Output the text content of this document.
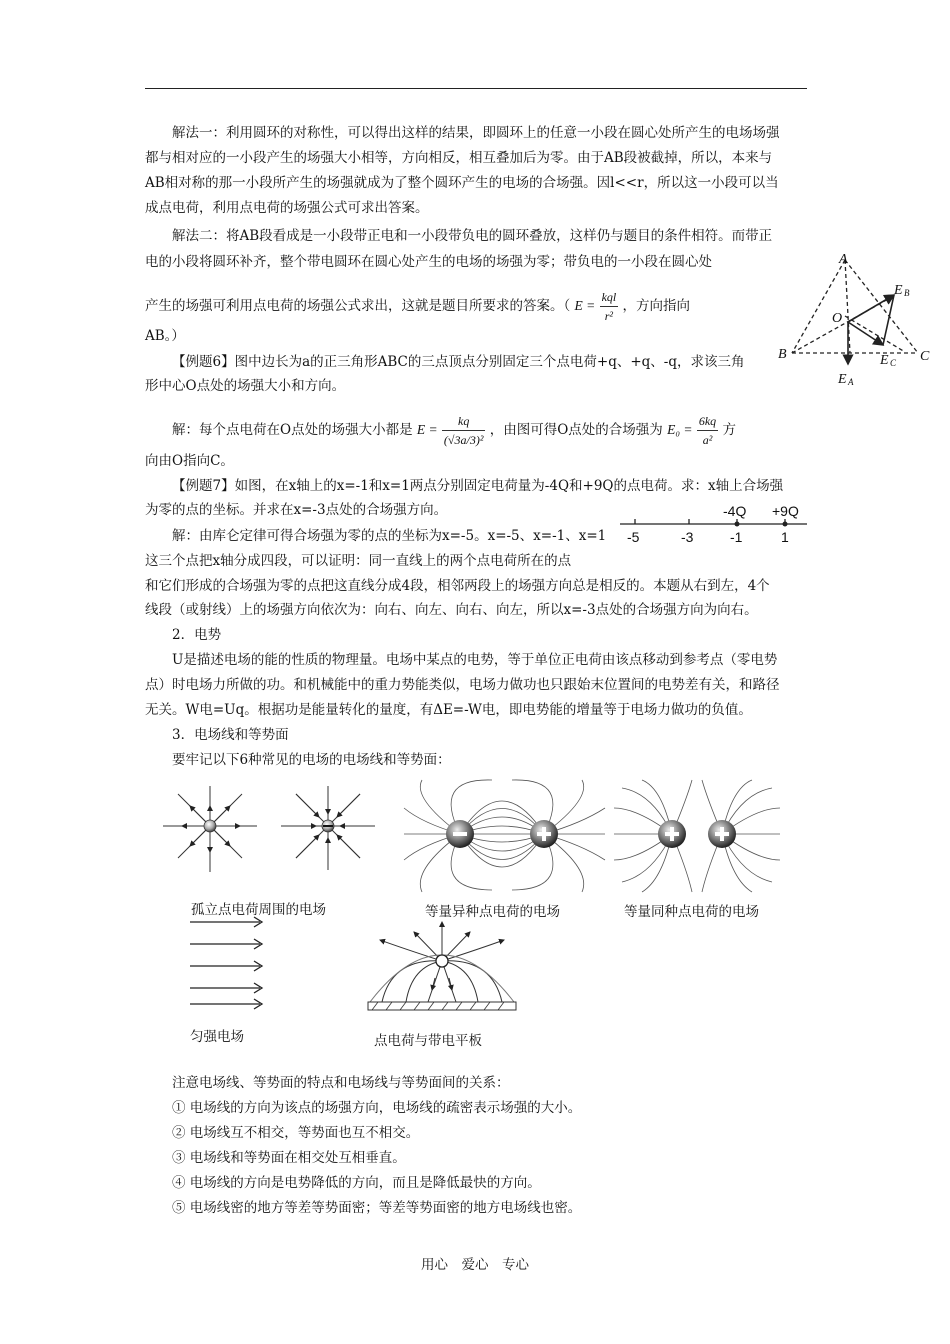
解法一：利用圆环的对称性，可以得出这样的结果，即圆环上的任意一小段在圆心处所产生的电场场强
都与相对应的一小段产生的场强大小相等，方向相反，相互叠加后为零。由于AB段被截掉，所以，本来与
AB相对称的那一小段所产生的场强就成为了整个圆环产生的电场的合场强。因l<<r，所以这一小段可以当
成点电荷，利用点电荷的场强公式可求出答案。
解法二：将AB段看成是一小段带正电和一小段带负电的圆环叠放，这样仍与题目的条件相符。而带正
电的小段将圆环补齐，整个带电圆环在圆心处产生的电场的场强为零；带负电的一小段在圆心处
产生的场强可利用点电荷的场强公式求出，这就是题目所要求的答案。（ $E = \frac{\text{kql}}{\text{r²}}$ ，方向指向
AB。）
A
B	C
O
E B
E C
E A
【例题6】图中边长为a的正三角形ABC的三点顶点分别固定三个点电荷+q、+q、-q，求该三角
形中心O点处的场强大小和方向。
解：每个点电荷在O点处的场强大小都是 $E = \frac{kq}{\text{(√3a/3)²}}$ ，由图可得O点处的合场强为 $E_0 = \frac{6kq}{\text{a²}}$ 方
向由O指向C。
【例题7】如图，在x轴上的x=-1和x=1两点分别固定电荷量为-4Q和+9Q的点电荷。求：x轴上合场强
为零的点的坐标。并求在x=-3点处的合场强方向。
解：由库仑定律可得合场强为零的点的坐标为x=-5。x=-5、x=-1、x=1
这三个点把x轴分成四段，可以证明：同一直线上的两个点电荷所在的点
和它们形成的合场强为零的点把这直线分成4段，相邻两段上的场强方向总是相反的。本题从右到左，4个
线段（或射线）上的场强方向依次为：向右、向左、向右、向左，所以x=-3点处的合场强方向为向右。
-4Q +9Q
-5	-3	-1	1
2．电势
U是描述电场的能的性质的物理量。电场中某点的电势，等于单位正电荷由该点移动到参考点（零电势
点）时电场力所做的功。和机械能中的重力势能类似，电场力做功也只跟始末位置间的电势差有关，和路径
无关。W电=Uq。根据功是能量转化的量度，有ΔE=-W电，即电势能的增量等于电场力做功的负值。
3．电场线和等势面
要牢记以下6种常见的电场的电场线和等势面：
孤立点电荷周围的电场	等量异种点电荷的电场	等量同种点电荷的电场
匀强电场	点电荷与带电平板
注意电场线、等势面的特点和电场线与等势面间的关系：
① 电场线的方向为该点的场强方向，电场线的疏密表示场强的大小。
② 电场线互不相交，等势面也互不相交。
③ 电场线和等势面在相交处互相垂直。
④ 电场线的方向是电势降低的方向，而且是降低最快的方向。
⑤ 电场线密的地方等差等势面密；等差等势面密的地方电场线也密。
用心　爱心　专心
